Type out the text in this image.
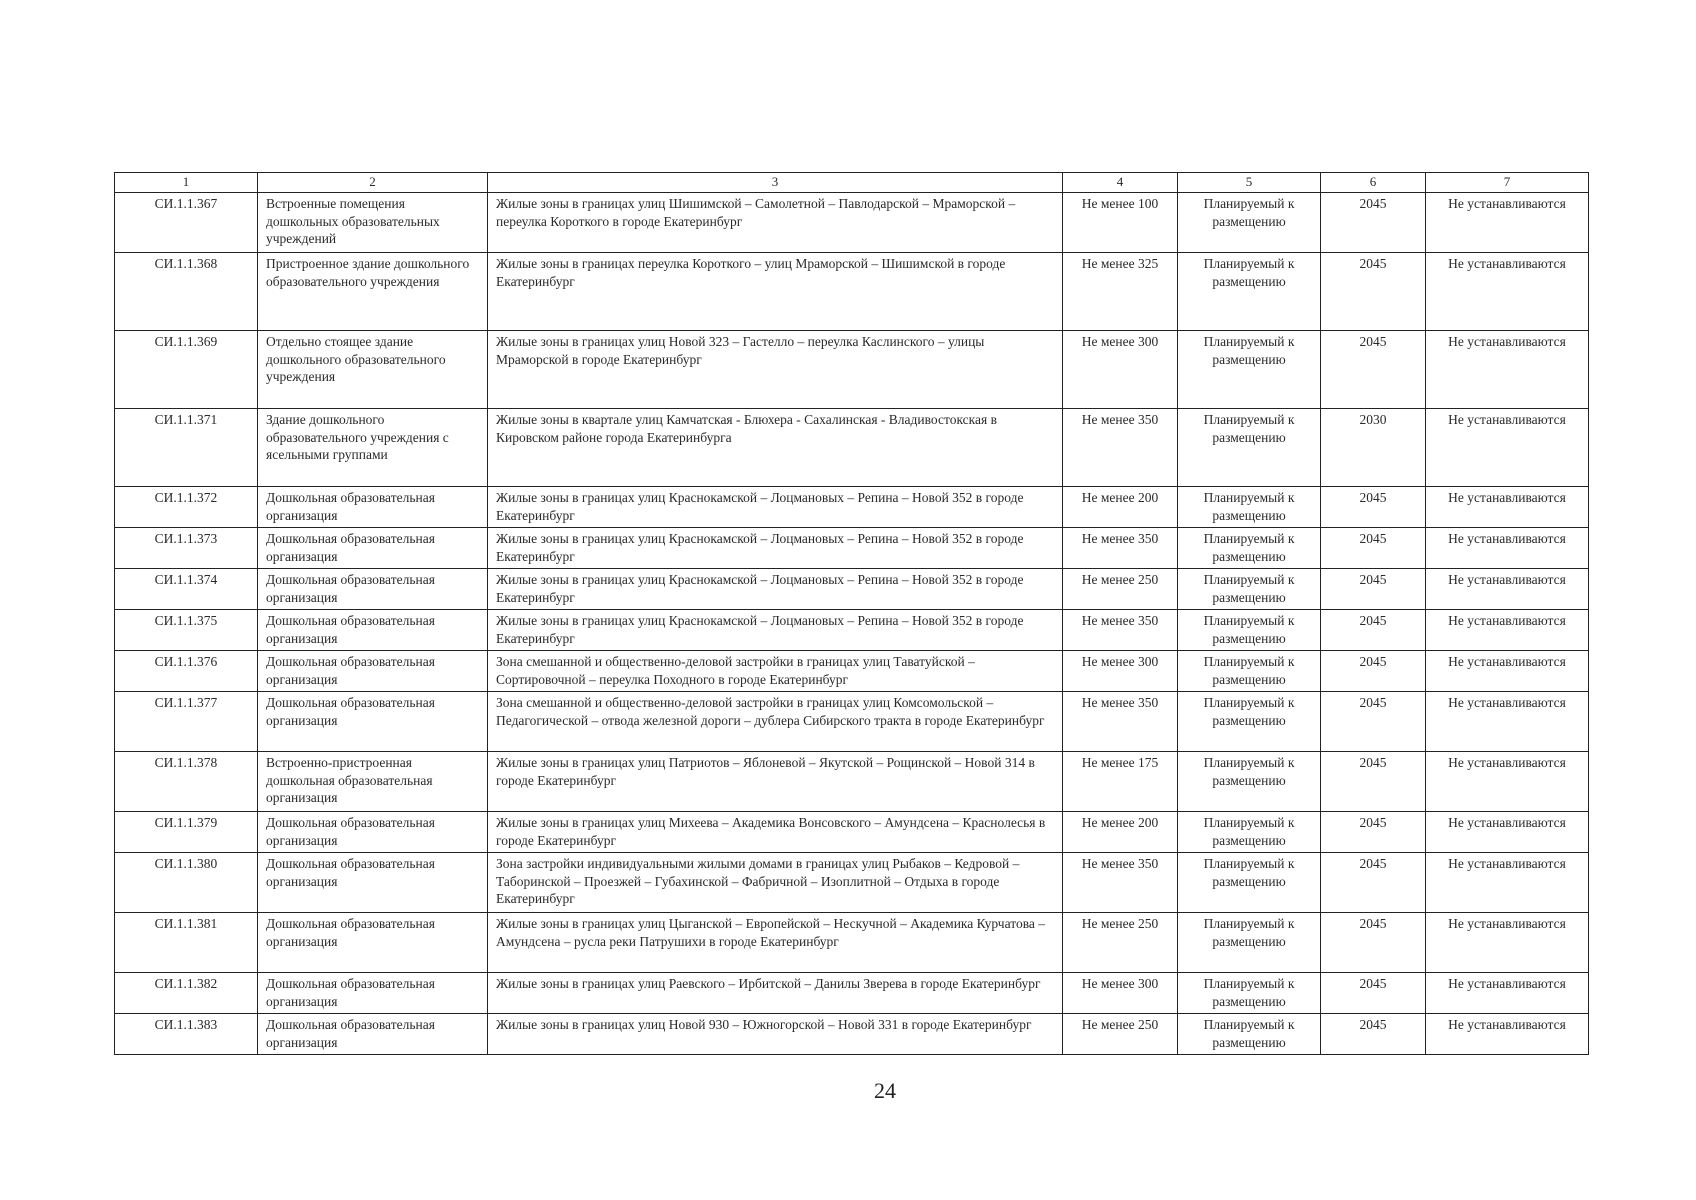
1	2	3	4	5	6	7
СИ.1.1.367	Встроенные помещения дошкольных образовательных учреждений	Жилые зоны в границах улиц Шишимской – Самолетной – Павлодарской – Мраморской – переулка Короткого в городе Екатеринбург	Не менее 100	Планируемый к размещению	2045	Не устанавливаются
СИ.1.1.368	Пристроенное здание дошкольного образовательного учреждения	Жилые зоны в границах переулка Короткого – улиц Мраморской – Шишимской в городе Екатеринбург	Не менее 325	Планируемый к размещению	2045	Не устанавливаются
СИ.1.1.369	Отдельно стоящее здание дошкольного образовательного учреждения	Жилые зоны в границах улиц Новой 323 – Гастелло – переулка Каслинского – улицы Мраморской в городе Екатеринбург	Не менее 300	Планируемый к размещению	2045	Не устанавливаются
СИ.1.1.371	Здание дошкольного образовательного учреждения с ясельными группами	Жилые зоны в квартале улиц Камчатская - Блюхера - Сахалинская - Владивостокская в Кировском районе города Екатеринбурга	Не менее 350	Планируемый к размещению	2030	Не устанавливаются
СИ.1.1.372	Дошкольная образовательная организация	Жилые зоны в границах улиц Краснокамской – Лоцмановых – Репина – Новой 352 в городе Екатеринбург	Не менее 200	Планируемый к размещению	2045	Не устанавливаются
СИ.1.1.373	Дошкольная образовательная организация	Жилые зоны в границах улиц Краснокамской – Лоцмановых – Репина – Новой 352 в городе Екатеринбург	Не менее 350	Планируемый к размещению	2045	Не устанавливаются
СИ.1.1.374	Дошкольная образовательная организация	Жилые зоны в границах улиц Краснокамской – Лоцмановых – Репина – Новой 352 в городе Екатеринбург	Не менее 250	Планируемый к размещению	2045	Не устанавливаются
СИ.1.1.375	Дошкольная образовательная организация	Жилые зоны в границах улиц Краснокамской – Лоцмановых – Репина – Новой 352 в городе Екатеринбург	Не менее 350	Планируемый к размещению	2045	Не устанавливаются
СИ.1.1.376	Дошкольная образовательная организация	Зона смешанной и общественно-деловой застройки в границах улиц Таватуйской – Сортировочной – переулка Походного в городе Екатеринбург	Не менее 300	Планируемый к размещению	2045	Не устанавливаются
СИ.1.1.377	Дошкольная образовательная организация	Зона смешанной и общественно-деловой застройки в границах улиц Комсомольской – Педагогической – отвода железной дороги – дублера Сибирского тракта в городе Екатеринбург	Не менее 350	Планируемый к размещению	2045	Не устанавливаются
СИ.1.1.378	Встроенно-пристроенная дошкольная образовательная организация	Жилые зоны в границах улиц Патриотов – Яблоневой – Якутской – Рощинской – Новой 314 в городе Екатеринбург	Не менее 175	Планируемый к размещению	2045	Не устанавливаются
СИ.1.1.379	Дошкольная образовательная организация	Жилые зоны в границах улиц Михеева – Академика Вонсовского – Амундсена – Краснолесья в городе Екатеринбург	Не менее 200	Планируемый к размещению	2045	Не устанавливаются
СИ.1.1.380	Дошкольная образовательная организация	Зона застройки индивидуальными жилыми домами в границах улиц Рыбаков – Кедровой – Таборинской – Проезжей – Губахинской – Фабричной – Изоплитной – Отдыха в городе Екатеринбург	Не менее 350	Планируемый к размещению	2045	Не устанавливаются
СИ.1.1.381	Дошкольная образовательная организация	Жилые зоны в границах улиц Цыганской – Европейской – Нескучной – Академика Курчатова – Амундсена – русла реки Патрушихи в городе Екатеринбург	Не менее 250	Планируемый к размещению	2045	Не устанавливаются
СИ.1.1.382	Дошкольная образовательная организация	Жилые зоны в границах улиц Раевского – Ирбитской – Данилы Зверева в городе Екатеринбург	Не менее 300	Планируемый к размещению	2045	Не устанавливаются
СИ.1.1.383	Дошкольная образовательная организация	Жилые зоны в границах улиц Новой 930 – Южногорской – Новой 331 в городе Екатеринбург	Не менее 250	Планируемый к размещению	2045	Не устанавливаются
24
